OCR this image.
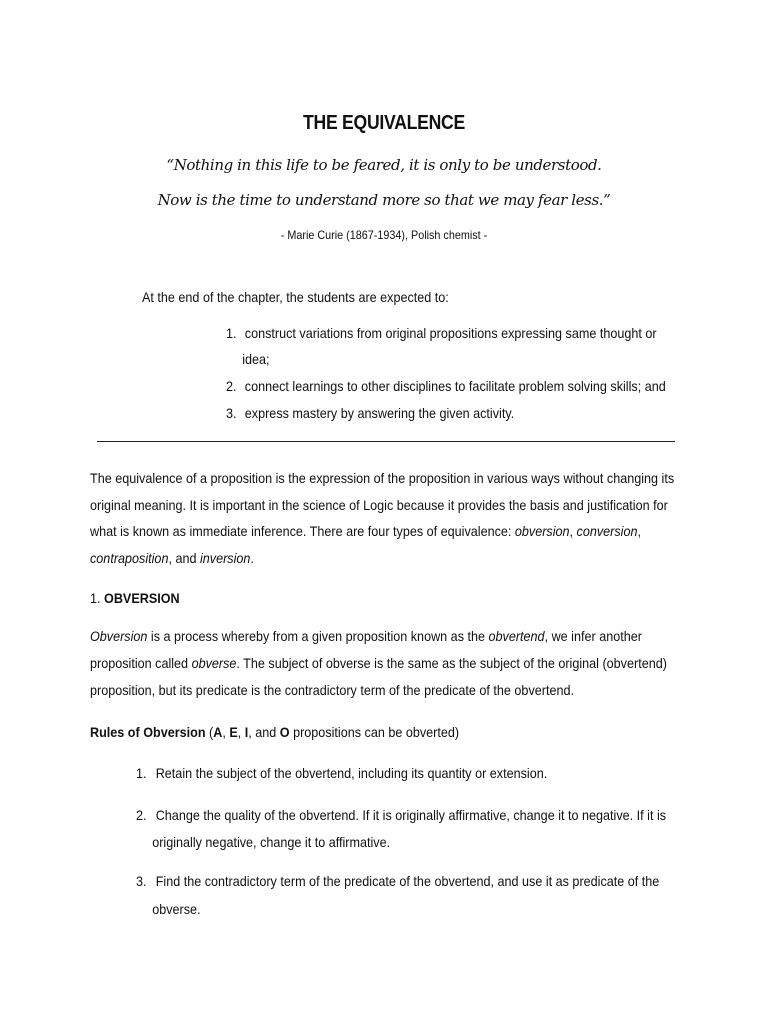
THE EQUIVALENCE
“Nothing in this life to be feared, it is only to be understood.
Now is the time to understand more so that we may fear less.”
- Marie Curie (1867-1934), Polish chemist -
At the end of the chapter, the students are expected to:
1. construct variations from original propositions expressing same thought or
idea;
2. connect learnings to other disciplines to facilitate problem solving skills; and
3. express mastery by answering the given activity.
The equivalence of a proposition is the expression of the proposition in various ways without changing its
original meaning. It is important in the science of Logic because it provides the basis and justification for
what is known as immediate inference. There are four types of equivalence: obversion, conversion,
contraposition, and inversion.
1. OBVERSION
Obversion is a process whereby from a given proposition known as the obvertend, we infer another
proposition called obverse. The subject of obverse is the same as the subject of the original (obvertend)
proposition, but its predicate is the contradictory term of the predicate of the obvertend.
Rules of Obversion (A, E, I, and O propositions can be obverted)
1. Retain the subject of the obvertend, including its quantity or extension.
2. Change the quality of the obvertend. If it is originally affirmative, change it to negative. If it is
originally negative, change it to affirmative.
3. Find the contradictory term of the predicate of the obvertend, and use it as predicate of the
obverse.
